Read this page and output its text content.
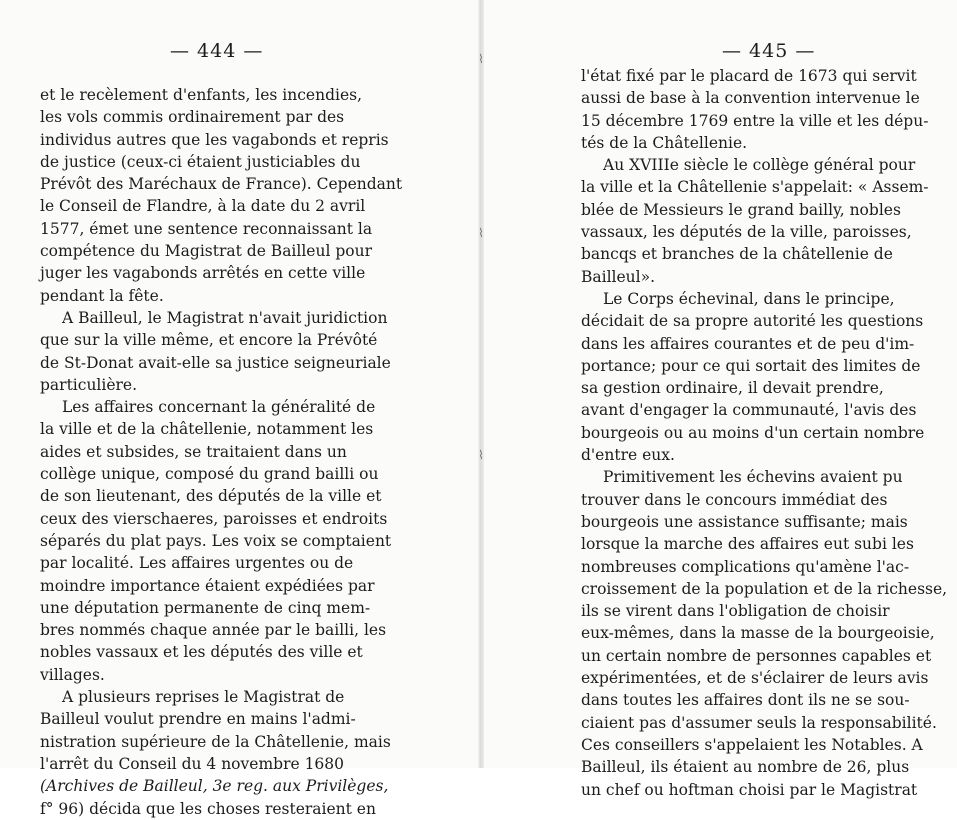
⌇
⌇
⌇
— 444 —
et le recèlement d'enfants, les incendies,
les vols commis ordinairement par des
individus autres que les vagabonds et repris
de justice (ceux-ci étaient justiciables du
Prévôt des Maréchaux de France). Cependant
le Conseil de Flandre, à la date du 2 avril
1577, émet une sentence reconnaissant la
compétence du Magistrat de Bailleul pour
juger les vagabonds arrêtés en cette ville
pendant la fête.
A Bailleul, le Magistrat n'avait juridiction
que sur la ville même, et encore la Prévôté
de St-Donat avait-elle sa justice seigneuriale
particulière.
Les affaires concernant la généralité de
la ville et de la châtellenie, notamment les
aides et subsides, se traitaient dans un
collège unique, composé du grand bailli ou
de son lieutenant, des députés de la ville et
ceux des vierschaeres, paroisses et endroits
séparés du plat pays. Les voix se comptaient
par localité. Les affaires urgentes ou de
moindre importance étaient expédiées par
une députation permanente de cinq mem-
bres nommés chaque année par le bailli, les
nobles vassaux et les députés des ville et
villages.
A plusieurs reprises le Magistrat de
Bailleul voulut prendre en mains l'admi-
nistration supérieure de la Châtellenie, mais
l'arrêt du Conseil du 4 novembre 1680
(Archives de Bailleul, 3e reg. aux Privilèges,
f° 96) décida que les choses resteraient en
— 445 —
l'état fixé par le placard de 1673 qui servit
aussi de base à la convention intervenue le
15 décembre 1769 entre la ville et les dépu-
tés de la Châtellenie.
Au XVIIIe siècle le collège général pour
la ville et la Châtellenie s'appelait: « Assem-
blée de Messieurs le grand bailly, nobles
vassaux, les députés de la ville, paroisses,
bancqs et branches de la châtellenie de
Bailleul».
Le Corps échevinal, dans le principe,
décidait de sa propre autorité les questions
dans les affaires courantes et de peu d'im-
portance; pour ce qui sortait des limites de
sa gestion ordinaire, il devait prendre,
avant d'engager la communauté, l'avis des
bourgeois ou au moins d'un certain nombre
d'entre eux.
Primitivement les échevins avaient pu
trouver dans le concours immédiat des
bourgeois une assistance suffisante; mais
lorsque la marche des affaires eut subi les
nombreuses complications qu'amène l'ac-
croissement de la population et de la richesse,
ils se virent dans l'obligation de choisir
eux-mêmes, dans la masse de la bourgeoisie,
un certain nombre de personnes capables et
expérimentées, et de s'éclairer de leurs avis
dans toutes les affaires dont ils ne se sou-
ciaient pas d'assumer seuls la responsabilité.
Ces conseillers s'appelaient les Notables. A
Bailleul, ils étaient au nombre de 26, plus
un chef ou hoftman choisi par le Magistrat
